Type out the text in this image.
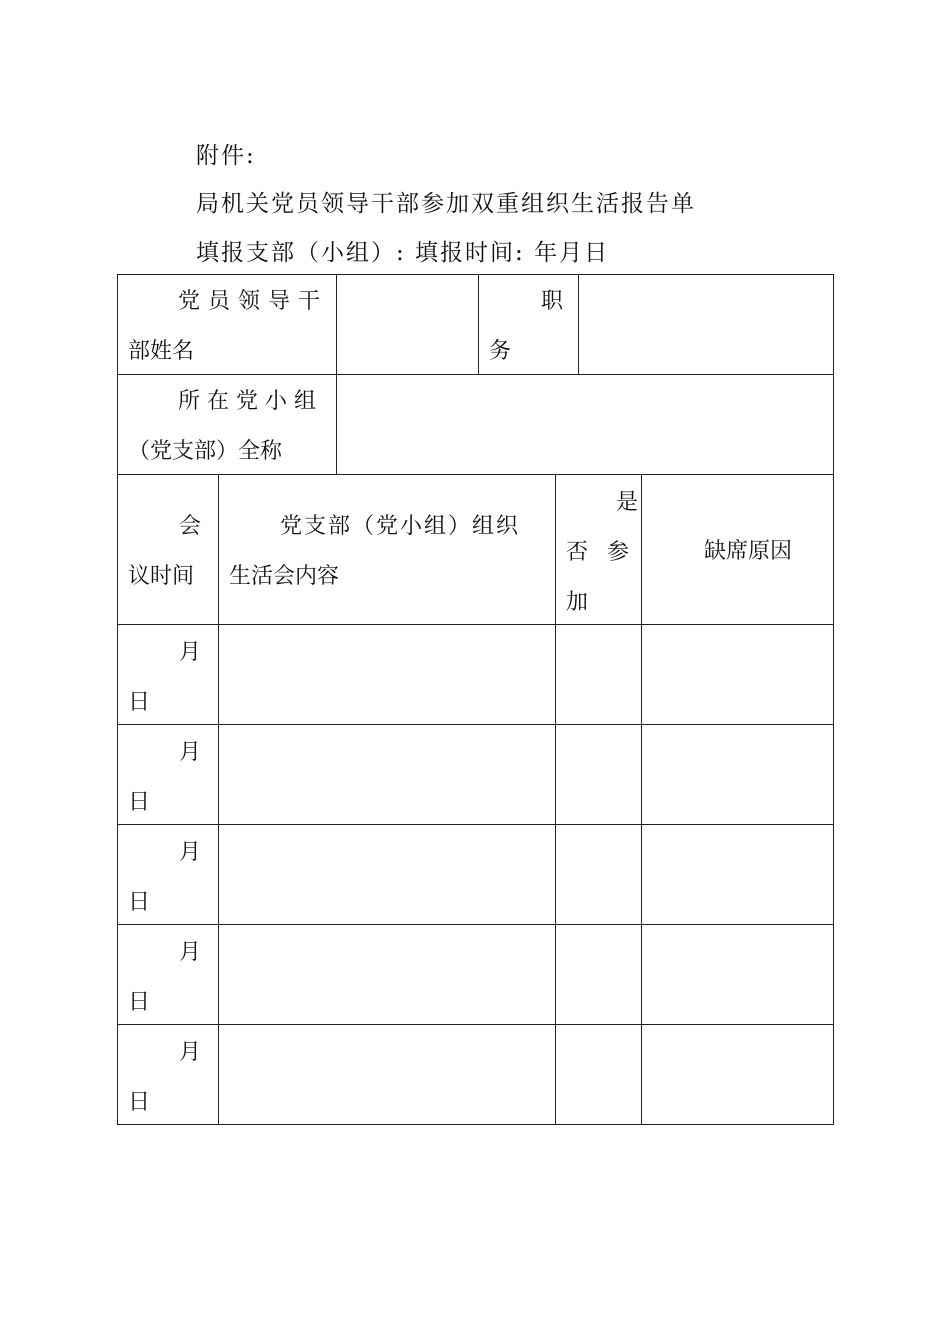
附件:
局机关党员领导干部参加双重组织生活报告单
填报支部（小组）: 填报时间: 年月日
党员领导干
部姓名
职
务
所在党小组
（党支部）全称
会
议时间
党支部（党小组）组织
生活会内容
是
否 参
加
缺席原因
月
日
月
日
月
日
月
日
月
日
